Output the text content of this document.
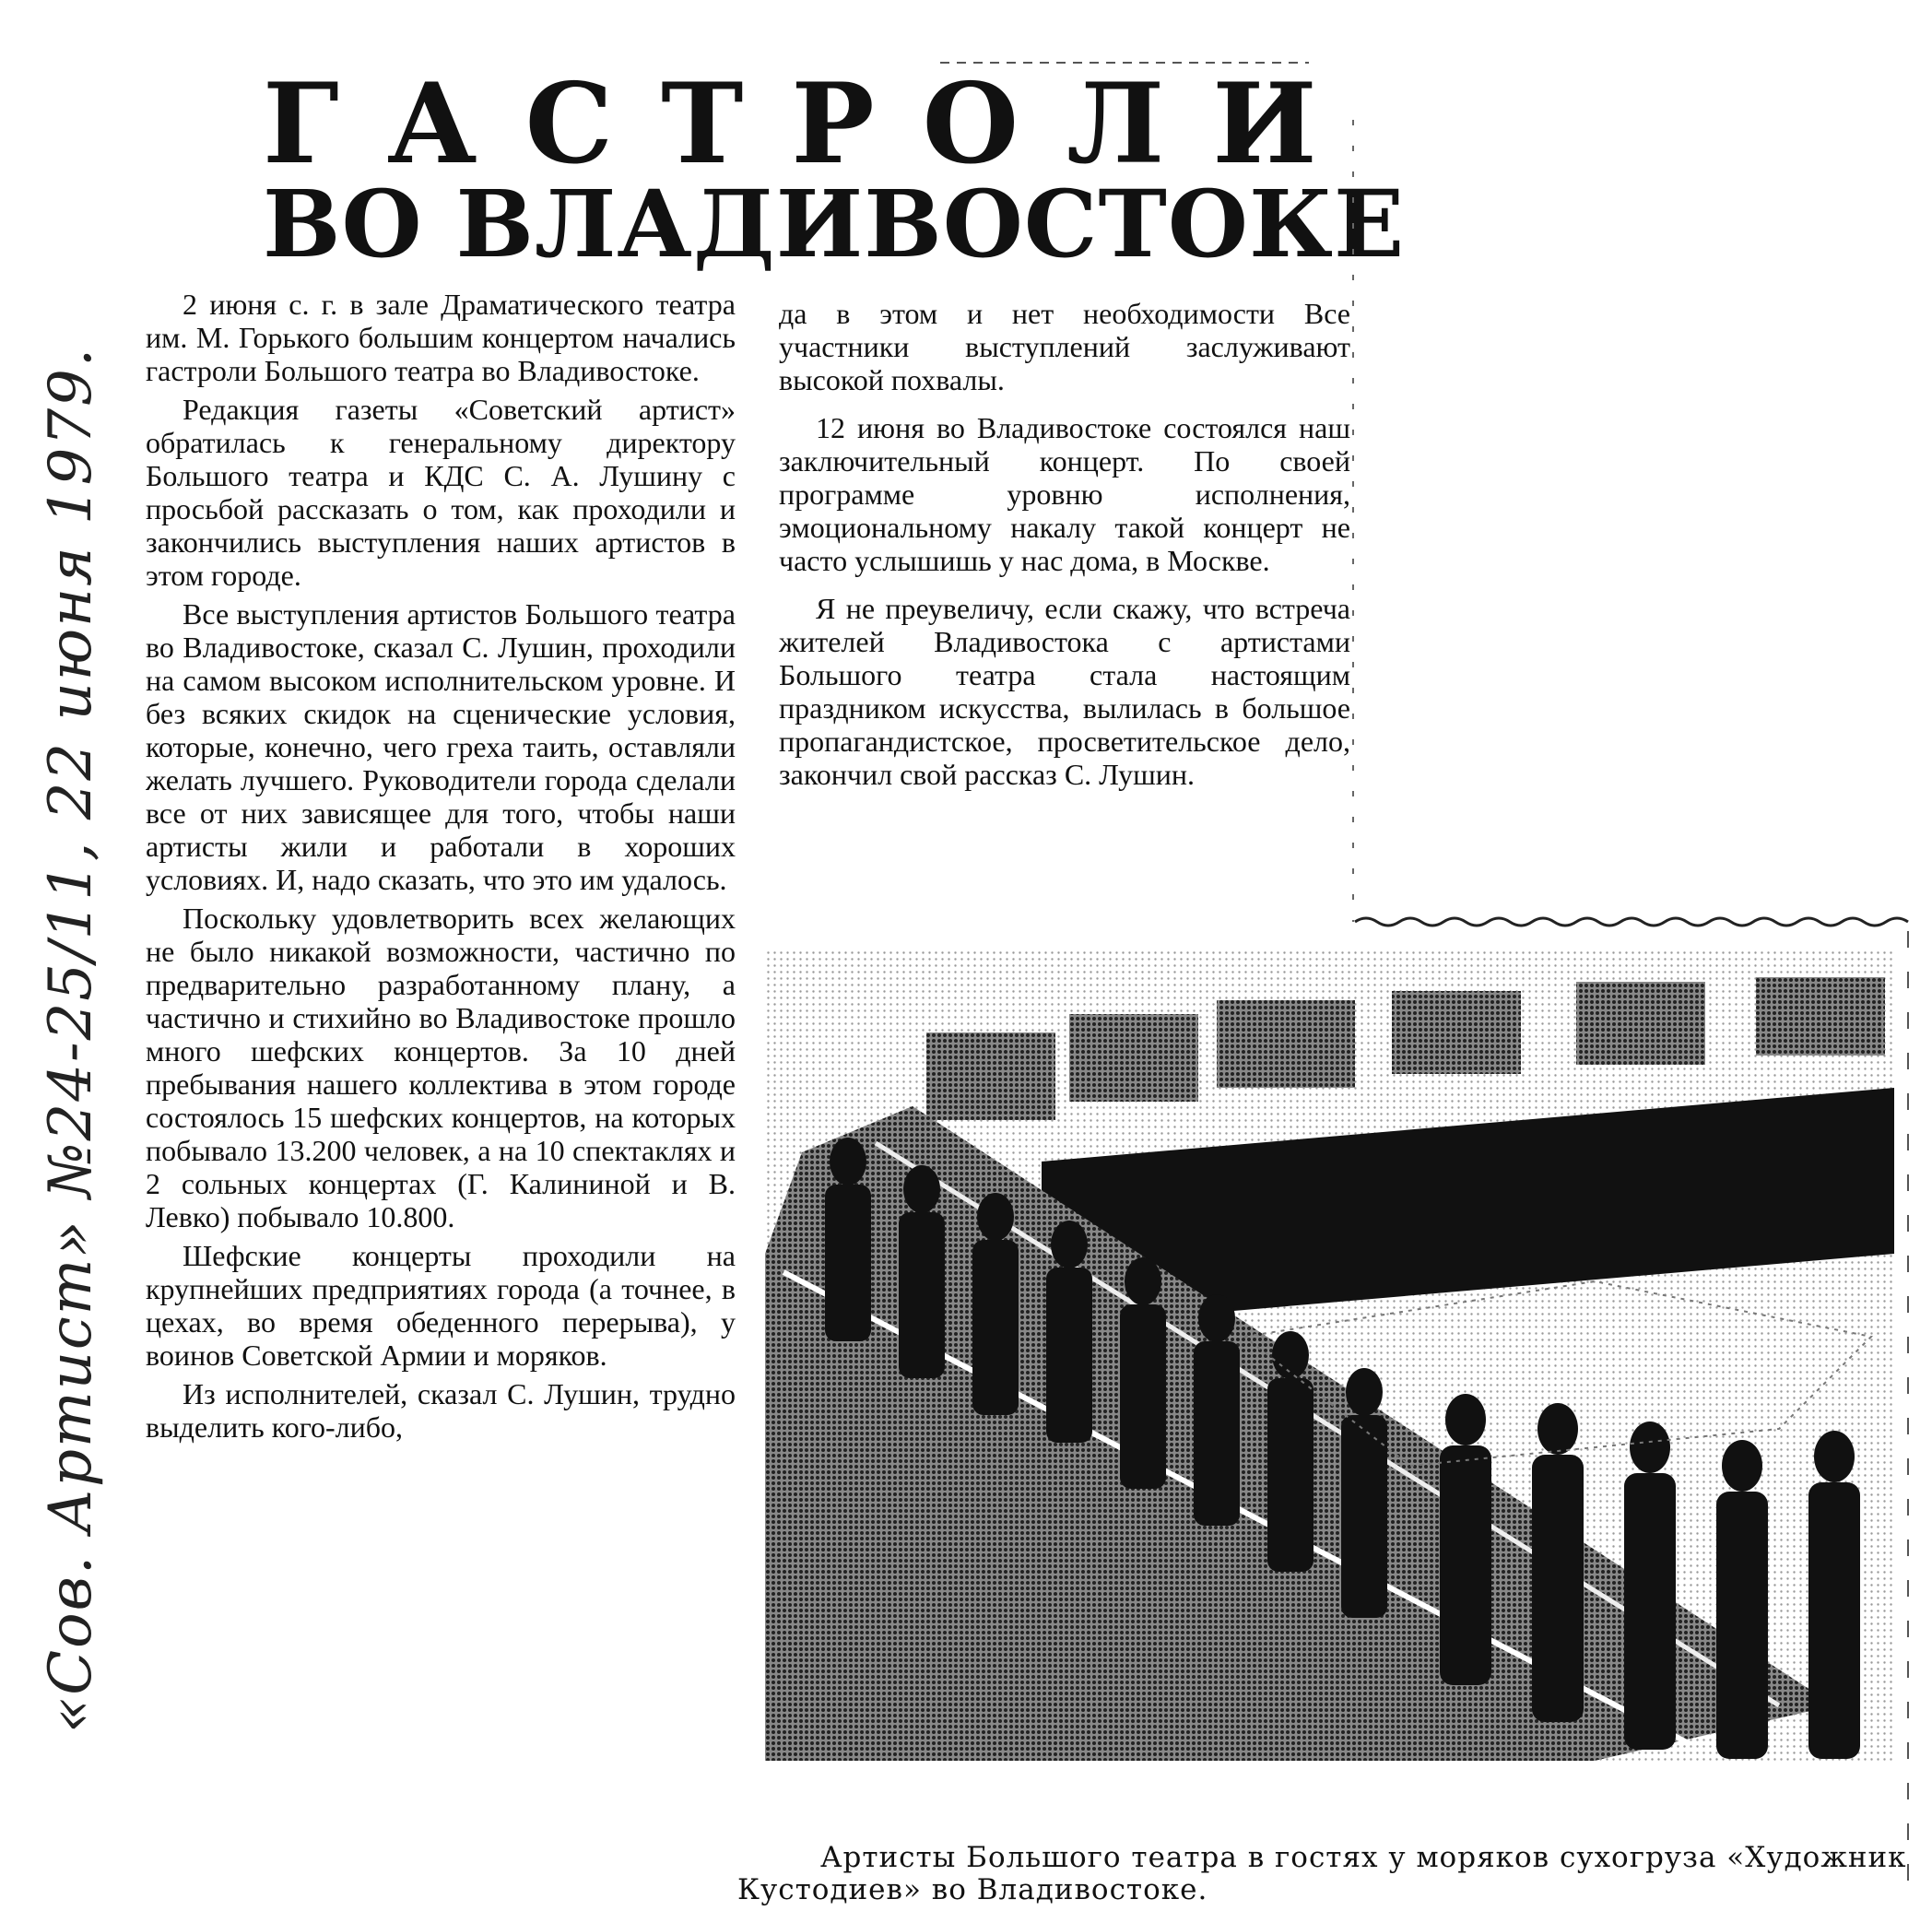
ГАСТРОЛИ
ВО ВЛАДИВОСТОКЕ

2 июня с. г. в зале Драматического театра им. М. Горького большим концертом начались гастроли Большого театра во Владивостоке.

Редакция газеты «Советский артист» обратилась к генеральному директору Большого театра и КДС С. А. Лушину с просьбой рассказать о том, как проходили и закончились выступления наших артистов в этом городе.

Все выступления артистов Большого театра во Владивостоке, сказал С. Лушин, проходили на самом высоком исполнительском уровне. И без всяких скидок на сценические условия, которые, конечно, чего греха таить, оставляли желать лучшего. Руководители города сделали все от них зависящее для того, чтобы наши артисты жили и работали в хороших условиях. И, надо сказать, что это им удалось.

Поскольку удовлетворить всех желающих не было никакой возможности, частично по предварительно разработанному плану, а частично и стихийно во Владивостоке прошло много шефских концертов. За 10 дней пребывания нашего коллектива в этом городе состоялось 15 шефских концертов, на которых побывало 13.200 человек, а на 10 спектаклях и 2 сольных концертах (Г. Калининой и В. Левко) побывало 10.800.

Шефские концерты проходили на крупнейших предприятиях города (а точнее, в цехах, во время обеденного перерыва), у воинов Советской Армии и моряков.

Из исполнителей, сказал С. Лушин, трудно выделить кого-либо,

да в этом и нет необходимости Все участники выступлений заслуживают высокой похвалы.

12 июня во Владивостоке состоялся наш заключительный концерт. По своей программе уровню исполнения, эмоциональному накалу такой концерт не часто услышишь у нас дома, в Москве.

Я не преувеличу, если скажу, что встреча жителей Владивостока с артистами Большого театра стала настоящим праздником искусства, вылилась в большое пропагандистское, просветительское дело, закончил свой рассказ С. Лушин.

Артисты Большого театра в гостях у моряков сухогруза «Художник Кустодиев» во Владивостоке.
«Сов. Артист» №24-25/11, 22 июня 1979.
